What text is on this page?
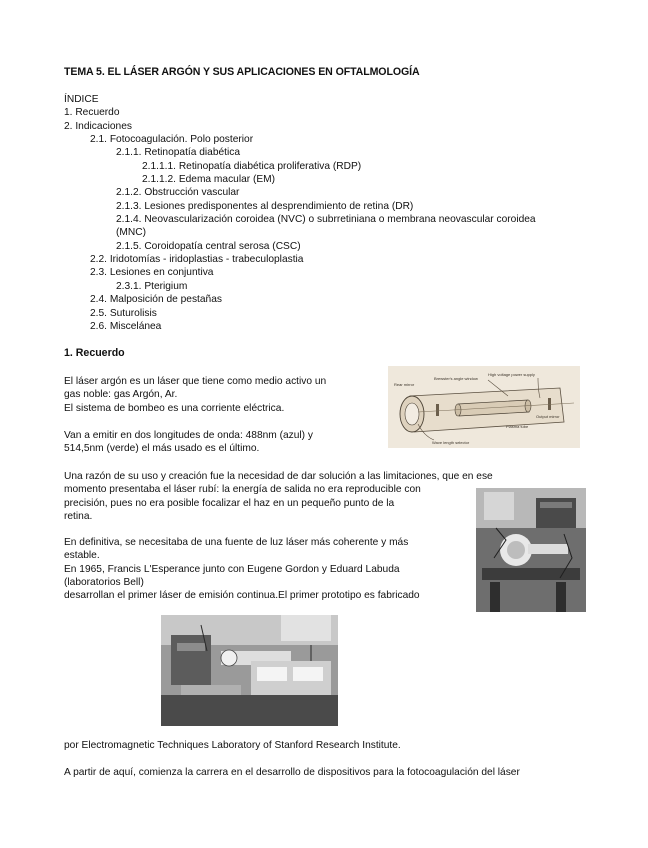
TEMA 5. EL LÁSER ARGÓN Y SUS APLICACIONES EN OFTALMOLOGÍA
ÍNDICE
1. Recuerdo
2. Indicaciones
2.1. Fotocoagulación. Polo posterior
2.1.1. Retinopatía diabética
2.1.1.1. Retinopatía diabética proliferativa (RDP)
2.1.1.2. Edema macular (EM)
2.1.2. Obstrucción vascular
2.1.3. Lesiones predisponentes al desprendimiento de retina (DR)
2.1.4. Neovascularización coroidea (NVC) o subrretiniana o membrana neovascular coroidea
(MNC)
2.1.5. Coroidopatía central serosa (CSC)
2.2. Iridotomías - iridoplastias - trabeculoplastia
2.3. Lesiones en conjuntiva
2.3.1. Pterigium
2.4. Malposición de pestañas
2.5. Suturolisis
2.6. Miscelánea
1. Recuerdo
El láser argón es un láser que tiene como medio activo un
gas noble: gas Argón, Ar.
El sistema de bombeo es una corriente eléctrica.
Van a emitir en dos longitudes de onda: 488nm (azul) y
514,5nm (verde) el más usado es el último.
Una razón de su uso y creación fue la necesidad de dar solución a las limitaciones, que en ese
momento presentaba el láser rubí: la energía de salida no era reproducible con
precisión, pues no era posible focalizar el haz en un pequeño punto de la
retina.
En definitiva, se necesitaba de una fuente de luz láser más coherente y más
estable.
En 1965, Francis L'Esperance junto con Eugene Gordon y Eduard Labuda
(laboratorios Bell)
desarrollan el primer láser de emisión continua.El primer prototipo es fabricado
por Electromagnetic Techniques Laboratory of Stanford Research Institute.
A partir de aquí, comienza la carrera en el desarrollo de dispositivos para la fotocoagulación del láser
High voltage power supply
Brewster's angle window
Rear mirror
Output mirror
Plasma tube
Wave length selector
